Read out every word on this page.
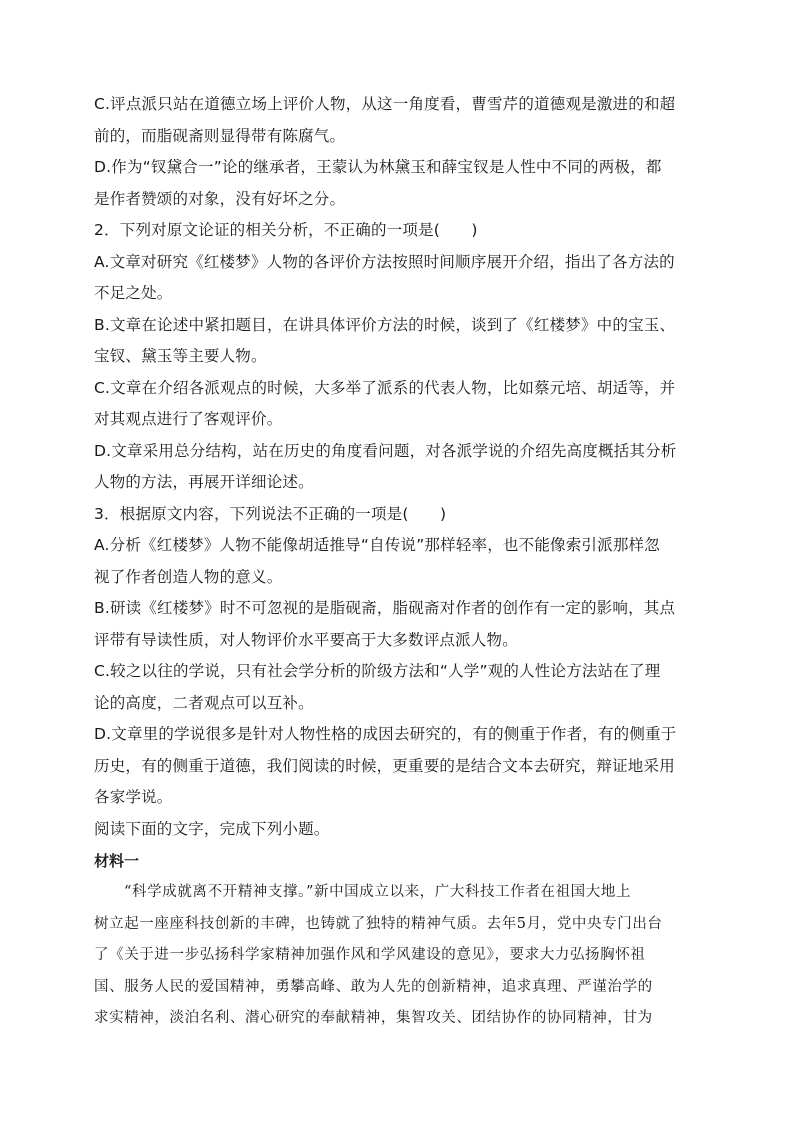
C.评点派只站在道德立场上评价人物，从这一角度看，曹雪芹的道德观是激进的和超
前的，而脂砚斋则显得带有陈腐气。
D.作为“钗黛合一”论的继承者，王蒙认为林黛玉和薛宝钗是人性中不同的两极，都
是作者赞颂的对象，没有好坏之分。
2．下列对原文论证的相关分析，不正确的一项是(　　)
A.文章对研究《红楼梦》人物的各评价方法按照时间顺序展开介绍，指出了各方法的
不足之处。
B.文章在论述中紧扣题目，在讲具体评价方法的时候，谈到了《红楼梦》中的宝玉、
宝钗、黛玉等主要人物。
C.文章在介绍各派观点的时候，大多举了派系的代表人物，比如蔡元培、胡适等，并
对其观点进行了客观评价。
D.文章采用总分结构，站在历史的角度看问题，对各派学说的介绍先高度概括其分析
人物的方法，再展开详细论述。
3．根据原文内容，下列说法不正确的一项是(　　)
A.分析《红楼梦》人物不能像胡适推导“自传说”那样轻率，也不能像索引派那样忽
视了作者创造人物的意义。
B.研读《红楼梦》时不可忽视的是脂砚斋，脂砚斋对作者的创作有一定的影响，其点
评带有导读性质，对人物评价水平要高于大多数评点派人物。
C.较之以往的学说，只有社会学分析的阶级方法和“人学”观的人性论方法站在了理
论的高度，二者观点可以互补。
D.文章里的学说很多是针对人物性格的成因去研究的，有的侧重于作者，有的侧重于
历史，有的侧重于道德，我们阅读的时候，更重要的是结合文本去研究，辩证地采用
各家学说。
阅读下面的文字，完成下列小题。
材料一
“科学成就离不开精神支撑。”新中国成立以来，广大科技工作者在祖国大地上
树立起一座座科技创新的丰碑，也铸就了独特的精神气质。去年5月，党中央专门出台
了《关于进一步弘扬科学家精神加强作风和学风建设的意见》，要求大力弘扬胸怀祖
国、服务人民的爱国精神，勇攀高峰、敢为人先的创新精神，追求真理、严谨治学的
求实精神，淡泊名利、潜心研究的奉献精神，集智攻关、团结协作的协同精神，甘为
